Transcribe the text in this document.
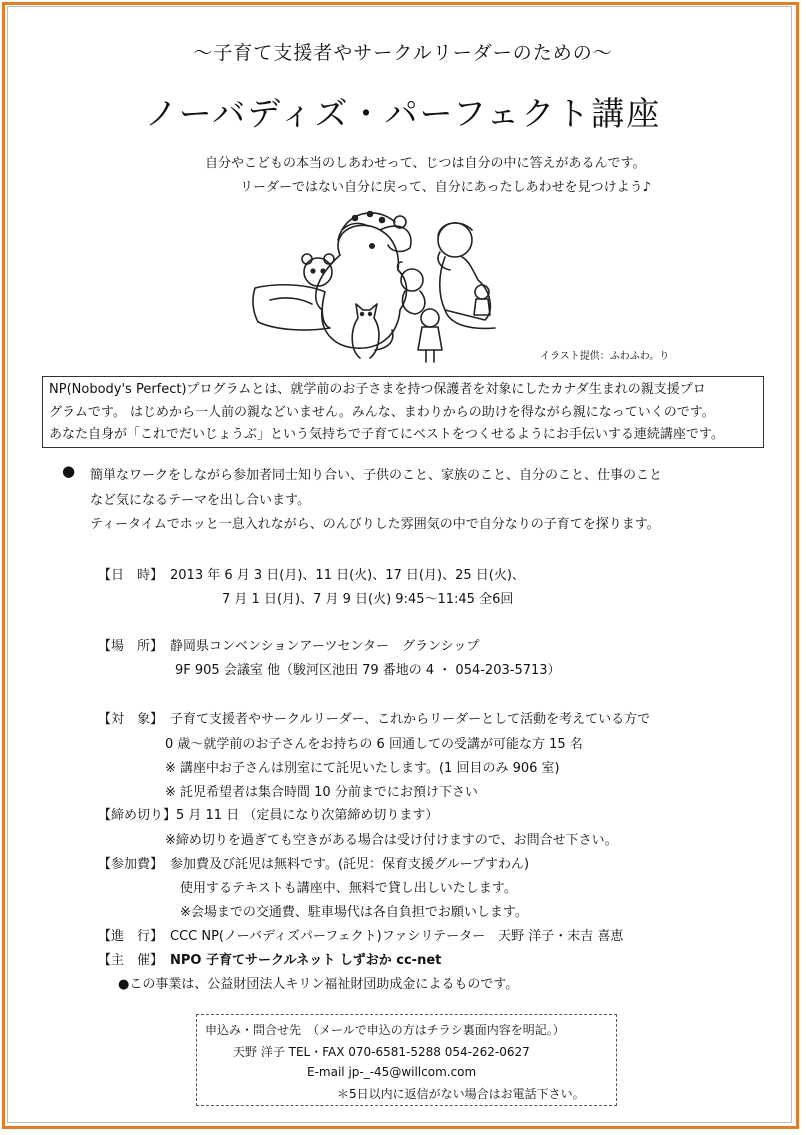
～子育て支援者やサークルリーダーのための～
ノーバディズ・パーフェクト講座
自分やこどもの本当のしあわせって、じつは自分の中に答えがあるんです。
リーダーではない自分に戻って、自分にあったしあわせを見つけよう♪
イラスト提供：ふわふわ。り
NP(Nobody's Perfect)プログラムとは、就学前のお子さまを持つ保護者を対象にしたカナダ生まれの親支援プロ
グラムです。 はじめから一人前の親などいません。みんな、まわりからの助けを得ながら親になっていくのです。
あなた自身が「これでだいじょうぶ」という気持ちで子育てにベストをつくせるようにお手伝いする連続講座です。
● 簡単なワークをしながら参加者同士知り合い、子供のこと、家族のこと、自分のこと、仕事のこと
など気になるテーマを出し合います。
ティータイムでホッと一息入れながら、のんびりした雰囲気の中で自分なりの子育てを探ります。
【日　時】 2013 年 6 月 3 日(月)、11 日(火)、17 日(月)、25 日(火)、
7 月 1 日(月)、7 月 9 日(火) 9:45～11:45 全6回
【場　所】 静岡県コンベンションアーツセンター　グランシップ
9F 905 会議室 他（駿河区池田 79 番地の 4 ・ 054-203-5713）
【対　象】 子育て支援者やサークルリーダー、これからリーダーとして活動を考えている方で
0 歳～就学前のお子さんをお持ちの 6 回通しての受講が可能な方 15 名
※ 講座中お子さんは別室にて託児いたします。(1 回目のみ 906 室)
※ 託児希望者は集合時間 10 分前までにお預け下さい
【締め切り】 5 月 11 日 （定員になり次第締め切ります）
※締め切りを過ぎても空きがある場合は受け付けますので、お問合せ下さい。
【参加費】 参加費及び託児は無料です。(託児：保育支援グループすわん)
使用するテキストも講座中、無料で貸し出しいたします。
※会場までの交通費、駐車場代は各自負担でお願いします。
【進　行】 CCC NP(ノーバディズパーフェクト)ファシリテーター　天野 洋子・末吉 喜恵
【主　催】 NPO 子育てサークルネット しずおか cc-net
●この事業は、公益財団法人キリン福祉財団助成金によるものです。
申込み・問合せ先　（メールで申込の方はチラシ裏面内容を明記。）
天野 洋子 TEL・FAX 070-6581-5288 054-262-0627
E-mail jp-_-45@willcom.com
＊5日以内に返信がない場合はお電話下さい。
